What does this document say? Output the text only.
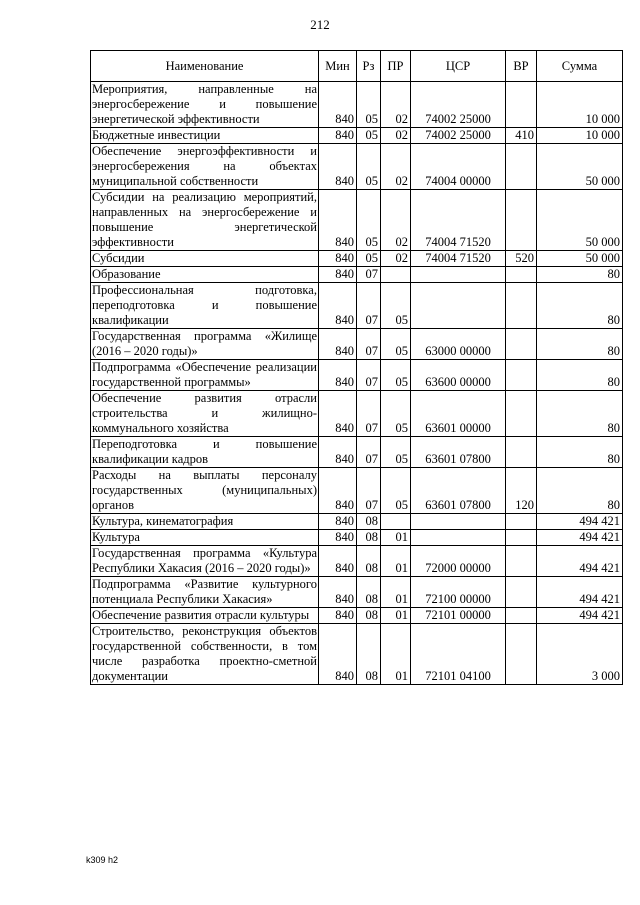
212
Наименование	Мин	Рз	ПР	ЦСР	ВР	Сумма
Мероприятия, направленные на энергосбережение и повышение энергетической эффективности	840	05	02	74002 25000		10 000
Бюджетные инвестиции	840	05	02	74002 25000	410	10 000
Обеспечение энергоэффективности и энергосбережения на объектах муниципальной собственности	840	05	02	74004 00000		50 000
Субсидии на реализацию мероприятий, направленных на энергосбережение и повышение энергетической эффективности	840	05	02	74004 71520		50 000
Субсидии	840	05	02	74004 71520	520	50 000
Образование	840	07				80
Профессиональная подготовка, переподготовка и повышение квалификации	840	07	05			80
Государственная программа «Жилище (2016 – 2020 годы)»	840	07	05	63000 00000		80
Подпрограмма «Обеспечение реализации государственной программы»	840	07	05	63600 00000		80
Обеспечение развития отрасли строительства и жилищно-коммунального хозяйства	840	07	05	63601 00000		80
Переподготовка и повышение квалификации кадров	840	07	05	63601 07800		80
Расходы на выплаты персоналу государственных (муниципальных) органов	840	07	05	63601 07800	120	80
Культура, кинематография	840	08				494 421
Культура	840	08	01			494 421
Государственная программа «Культура Республики Хакасия (2016 – 2020 годы)»	840	08	01	72000 00000		494 421
Подпрограмма «Развитие культурного потенциала Республики Хакасия»	840	08	01	72100 00000		494 421
Обеспечение развития отрасли культуры	840	08	01	72101 00000		494 421
Строительство, реконструкция объектов государственной собственности, в том числе разработка проектно-сметной документации	840	08	01	72101 04100		3 000
k309 h2
